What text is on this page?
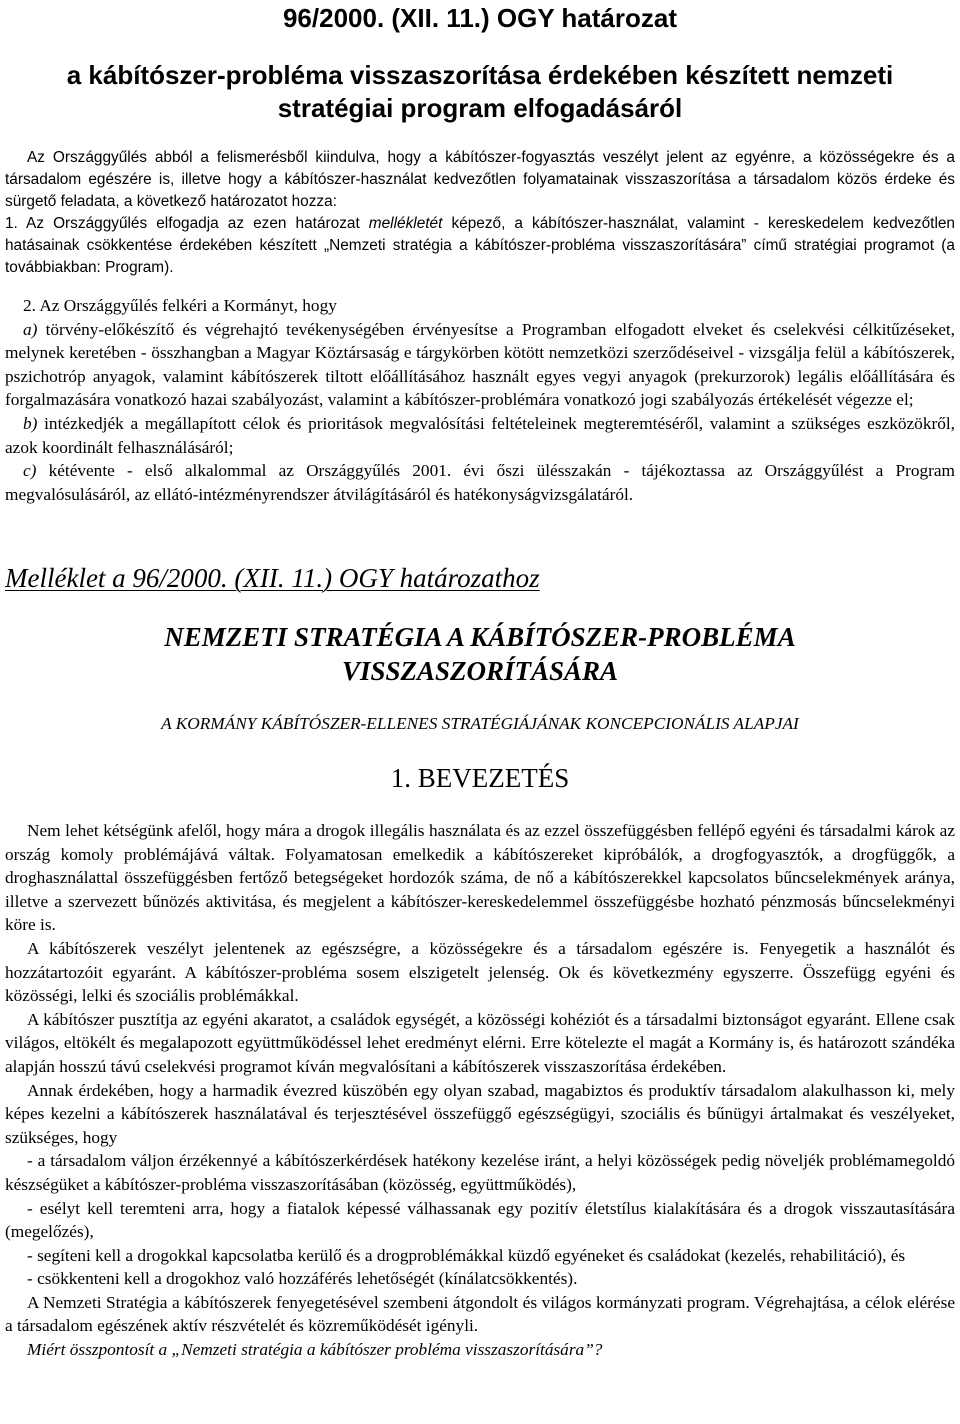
96/2000. (XII. 11.) OGY határozat
a kábítószer-probléma visszaszorítása érdekében készített nemzeti
stratégiai program elfogadásáról

Az Országgyűlés abból a felismerésből kiindulva, hogy a kábítószer-fogyasztás veszélyt jelent az egyénre, a közösségekre és a társadalom egészére is, illetve hogy a kábítószer-használat kedvezőtlen folyamatainak visszaszorítása a társadalom közös érdeke és sürgető feladata, a következő határozatot hozza:

1. Az Országgyűlés elfogadja az ezen határozat mellékletét képező, a kábítószer-használat, valamint - kereskedelem kedvezőtlen hatásainak csökkentése érdekében készített „Nemzeti stratégia a kábítószer-probléma visszaszorítására” című stratégiai programot (a továbbiakban: Program).

2. Az Országgyűlés felkéri a Kormányt, hogy

a) törvény-előkészítő és végrehajtó tevékenységében érvényesítse a Programban elfogadott elveket és cselekvési célkitűzéseket, melynek keretében - összhangban a Magyar Köztársaság e tárgykörben kötött nemzetközi szerződéseivel - vizsgálja felül a kábítószerek, pszichotróp anyagok, valamint kábítószerek tiltott előállításához használt egyes vegyi anyagok (prekurzorok) legális előállítására és forgalmazására vonatkozó hazai szabályozást, valamint a kábítószer-problémára vonatkozó jogi szabályozás értékelését végezze el;

b) intézkedjék a megállapított célok és prioritások megvalósítási feltételeinek megteremtéséről, valamint a szükséges eszközökről, azok koordinált felhasználásáról;

c) kétévente - első alkalommal az Országgyűlés 2001. évi őszi ülésszakán - tájékoztassa az Országgyűlést a Program megvalósulásáról, az ellátó-intézményrendszer átvilágításáról és hatékonyságvizsgálatáról.

Melléklet a 96/2000. (XII. 11.) OGY határozathoz
NEMZETI STRATÉGIA A KÁBÍTÓSZER-PROBLÉMA
VISSZASZORÍTÁSÁRA
A KORMÁNY KÁBÍTÓSZER-ELLENES STRATÉGIÁJÁNAK KONCEPCIONÁLIS ALAPJAI
1. BEVEZETÉS

Nem lehet kétségünk afelől, hogy mára a drogok illegális használata és az ezzel összefüggésben fellépő egyéni és társadalmi károk az ország komoly problémájává váltak. Folyamatosan emelkedik a kábítószereket kipróbálók, a drogfogyasztók, a drogfüggők, a droghasználattal összefüggésben fertőző betegségeket hordozók száma, de nő a kábítószerekkel kapcsolatos bűncselekmények aránya, illetve a szervezett bűnözés aktivitása, és megjelent a kábítószer-kereskedelemmel összefüggésbe hozható pénzmosás bűncselekményi köre is.

A kábítószerek veszélyt jelentenek az egészségre, a közösségekre és a társadalom egészére is. Fenyegetik a használót és hozzátartozóit egyaránt. A kábítószer-probléma sosem elszigetelt jelenség. Ok és következmény egyszerre. Összefügg egyéni és közösségi, lelki és szociális problémákkal.

A kábítószer pusztítja az egyéni akaratot, a családok egységét, a közösségi kohéziót és a társadalmi biztonságot egyaránt. Ellene csak világos, eltökélt és megalapozott együttműködéssel lehet eredményt elérni. Erre kötelezte el magát a Kormány is, és határozott szándéka alapján hosszú távú cselekvési programot kíván megvalósítani a kábítószerek visszaszorítása érdekében.

Annak érdekében, hogy a harmadik évezred küszöbén egy olyan szabad, magabiztos és produktív társadalom alakulhasson ki, mely képes kezelni a kábítószerek használatával és terjesztésével összefüggő egészségügyi, szociális és bűnügyi ártalmakat és veszélyeket, szükséges, hogy

- a társadalom váljon érzékennyé a kábítószerkérdések hatékony kezelése iránt, a helyi közösségek pedig növeljék problémamegoldó készségüket a kábítószer-probléma visszaszorításában (közösség, együttműködés),

- esélyt kell teremteni arra, hogy a fiatalok képessé válhassanak egy pozitív életstílus kialakítására és a drogok visszautasítására (megelőzés),

- segíteni kell a drogokkal kapcsolatba kerülő és a drogproblémákkal küzdő egyéneket és családokat (kezelés, rehabilitáció), és

- csökkenteni kell a drogokhoz való hozzáférés lehetőségét (kínálatcsökkentés).

A Nemzeti Stratégia a kábítószerek fenyegetésével szembeni átgondolt és világos kormányzati program. Végrehajtása, a célok elérése a társadalom egészének aktív részvételét és közreműködését igényli.

Miért összpontosít a „Nemzeti stratégia a kábítószer probléma visszaszorítására”?
